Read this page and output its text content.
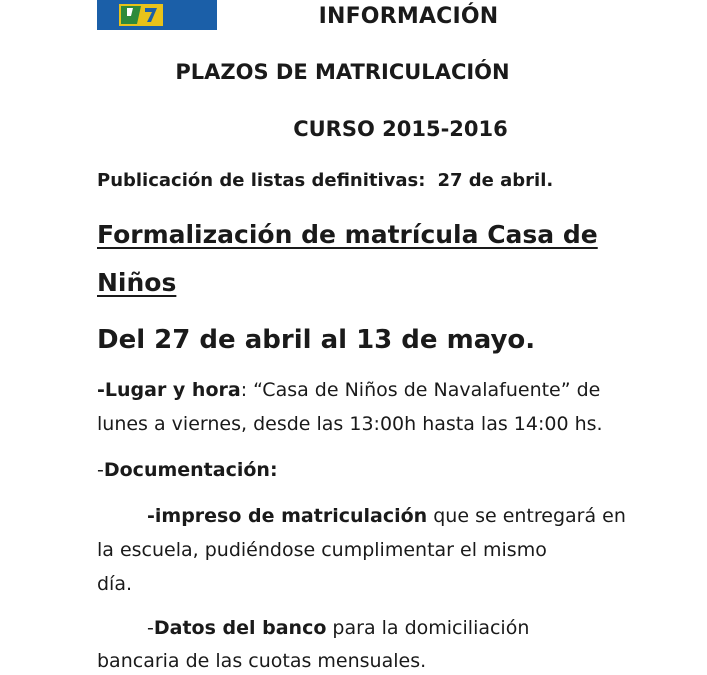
INFORMACIÓN
PLAZOS DE MATRICULACIÓN
CURSO 2015-2016
Publicación de listas definitivas: 27 de abril.
Formalización de matrícula Casa de
Niños
Del 27 de abril al 13 de mayo.
-Lugar y hora: “Casa de Niños de Navalafuente” de
lunes a viernes, desde las 13:00h hasta las 14:00 hs.
-Documentación:
-impreso de matriculación que se entregará en
la escuela, pudiéndose cumplimentar el mismo
día.
-Datos del banco para la domiciliación
bancaria de las cuotas mensuales.
